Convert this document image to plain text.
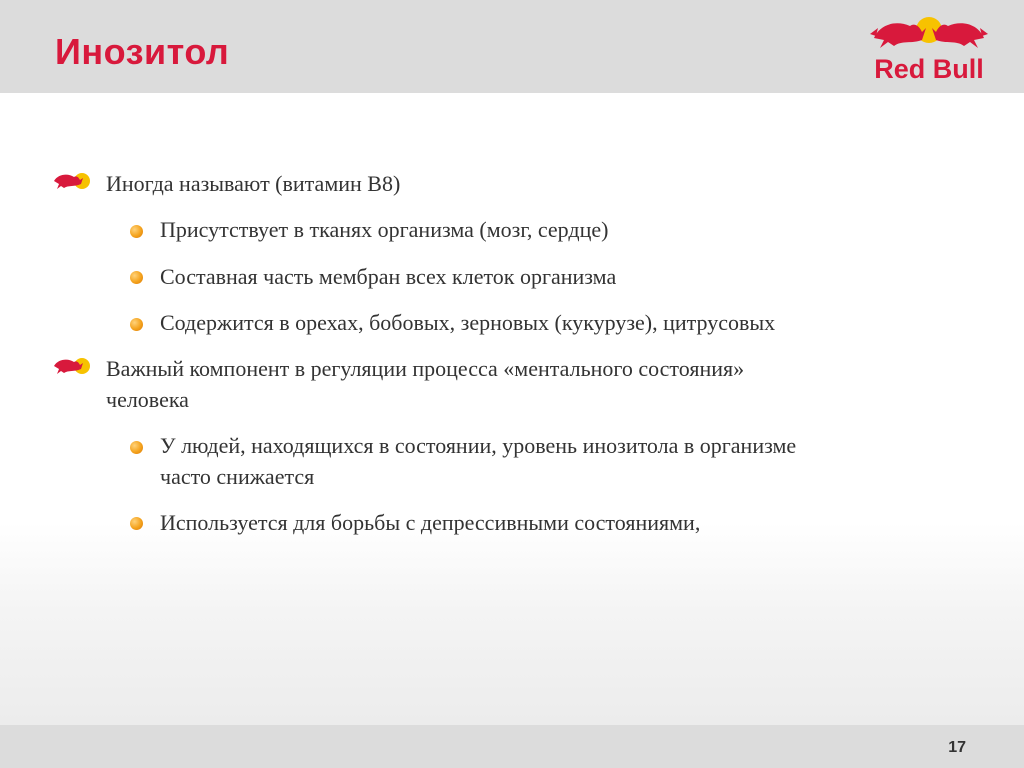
Инозитол	Red Bull
Иногда называют (витамин B8)
Присутствует в тканях организма (мозг, сердце)
Составная часть мембран всех клеток организма
Содержится в орехах, бобовых, зерновых (кукурузе), цитрусовых
Важный компонент в регуляции процесса «ментального состояния»
человека
У людей, находящихся в состоянии, уровень инозитола в организме
часто снижается
Используется для борьбы с депрессивными состояниями,
17
